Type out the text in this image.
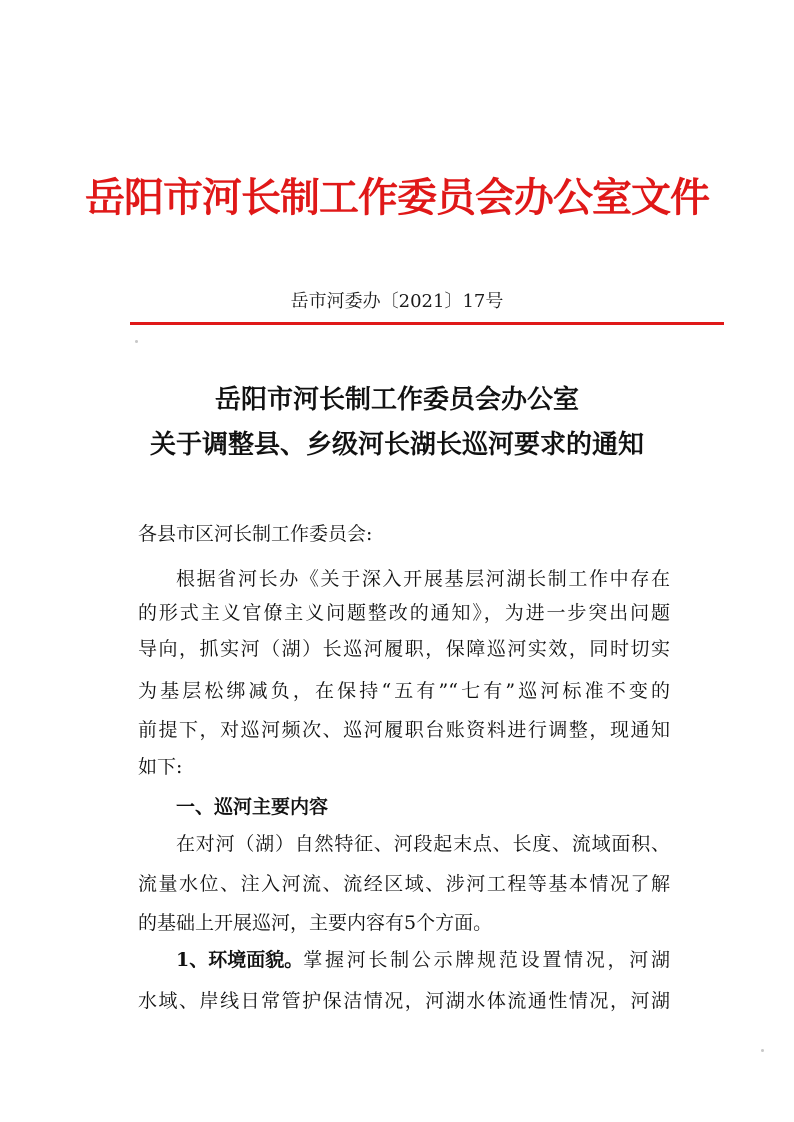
岳阳市河长制工作委员会办公室文件
岳市河委办〔2021〕17号
岳阳市河长制工作委员会办公室
关于调整县、乡级河长湖长巡河要求的通知
各县市区河长制工作委员会:
根据省河长办《关于深入开展基层河湖长制工作中存在
的形式主义官僚主义问题整改的通知》，为进一步突出问题
导向，抓实河（湖）长巡河履职，保障巡河实效，同时切实
为基层松绑减负，在保持“五有”“七有”巡河标准不变的
前提下，对巡河频次、巡河履职台账资料进行调整，现通知
如下:
一、巡河主要内容
在对河（湖）自然特征、河段起末点、长度、流域面积、
流量水位、注入河流、流经区域、涉河工程等基本情况了解
的基础上开展巡河，主要内容有5个方面。
1、环境面貌。 掌握河长制公示牌规范设置情况，河湖
水域、岸线日常管护保洁情况，河湖水体流通性情况，河湖
